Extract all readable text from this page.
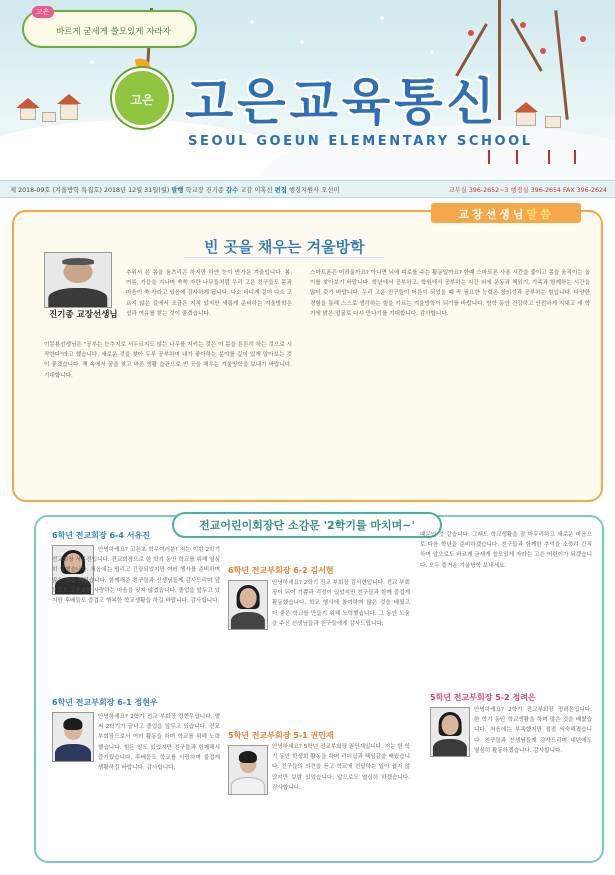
고은
바르게 굳세게 쓸모있게 자라자
고은 고은교육통신
SEOUL GOEUN ELEMENTARY SCHOOL
제 2018-09호 (겨울방학 특집호) 2018년 12월 31일(월) 발행 학교장 진기종 감수 교감 이혹선 편집 행정지원사 오선미	교무실 396-2652~3 행정실 396-2654 FAX 396-2624
교장선생님말씀
빈 곳을 채우는 겨울방학
진기종 교장선생님
추위서 온 몸을 움츠리곤 하지만 하얀 눈이 반가운 겨울입니다. 봄, 여름, 가을을 지나며 쑥쑥 자란 나무들처럼 우리 고은 친구들도 몸과 마음이 쑥 자라고 있음에 감사하게 됩니다. 다소 더디게 걸어 다소 고르지 않은 길에서 조금은 지쳐 있지만 새롭게 준비하는 겨울방학은 쉼과 여유를 찾는 것이 좋겠습니다.
이몽룡선생님은 "공부는 눈추지로 서두르지도 않는 나무를 지키는 것은 이 몸을 튼튼히 하는 것으로 시작한다"라고 했습니다. 새로운 것을 찾아 두루 공부하며 내가 좋아하는 분야를 깊이 있게 알아보는 것이 좋겠습니다. 책 속에서 꿈을 찾고 바른 생활 습관으로 빈 곳을 채우는 겨울방학을 보내기 바랍니다. 기대합니다.
스마트폰은 어려울까요? 아니면 뇌에 피로를 주는 활동일까요? 한때 스마트폰 사용 시간을 줄이고 몸을 움직이는 놀이를 찾아보기 바랍니다. 학년에서 공부하고, 학원에서 공부하는 시간 외에 운동과 책읽기, 가족과 함께하는 시간을 많이 갖기 바랍니다. 우리 고은 친구들이 어른이 되었을 때 꼭 필요한 능력은 창의성과 공부하는 힘입니다. 다양한 경험을 통해 스스로 생각하는 힘을 기르는 겨울방학이 되기를 바랍니다. 방학 동안 건강하고 안전하게 지내고 새 학기에 밝은 얼굴로 다시 만나기를 기대합니다. 감사합니다.
전교어린이회장단 소감문 '2학기를 마치며~'
6학년 전교회장 6-4 서유진
안녕하세요? 고은초 학우여러분! 저는 이번 2학기 전교회장 서유진입니다. 전교회장으로 한 학기 동안 학교를 위해 열심히 일했습니다. 처음에는 떨리고 긴장되었지만 여러 행사를 준비하며 많은 것을 배웠습니다. 함께해준 친구들과 선생님들께 감사드리며 앞으로도 고은초를 사랑하는 마음을 잊지 않겠습니다. 졸업을 앞두고 있지만 후배들도 즐겁고 행복한 학교생활을 하길 바랍니다. 감사합니다.
6학년 전교부회장 6-1 정현우
안녕하세요? 2학기 전교 부회장 정현우입니다. 벌써 2학기가 끝나고 졸업을 앞두고 있습니다. 전교 부회장으로서 여러 활동을 하며 학교를 위해 노력했습니다. 힘든 일도 있었지만 친구들과 함께해서 즐거웠습니다. 후배들도 학교를 사랑하며 즐겁게 생활하길 바랍니다. 감사합니다.
6학년 전교부회장 6-2 김서현
안녕하세요? 2학기 전교 부회장 김서현입니다. 전교 부회장이 되어 기쁨과 걱정이 있었지만 친구들과 함께 즐겁게 활동했습니다. 학교 행사에 참여하며 많은 것을 배웠고 더 좋은 학교를 만들기 위해 노력했습니다. 그 동안 도움을 주신 선생님들과 친구들에게 감사드립니다.
5학년 전교부회장 5-1 권민재
안녕하세요? 5학년 전교부회장 권민재입니다. 저는 한 학기 동안 학생회 활동을 하며 리더십과 책임감을 배웠습니다. 친구들의 의견을 듣고 학교에 전달하는 일이 쉽지 않았지만 보람 있었습니다. 앞으로도 열심히 하겠습니다. 감사합니다.
때문인 것 같습니다. 그래도 학교생활을 잘 마무리하고 새로운 마음으로 다음 학년을 준비하겠습니다. 친구들과 함께한 추억을 소중히 간직하며 앞으로도 바르게 굳세게 쓸모있게 자라는 고은 어린이가 되겠습니다. 모두 즐거운 겨울방학 보내세요.
5학년 전교부회장 5-2 정려은
안녕하세요? 2학기 전교부회장 정려은입니다. 한 학기 동안 학교생활을 하며 많은 것을 배웠습니다. 처음에는 부족했지만 점점 익숙해졌습니다. 친구들과 선생님들께 감사드리며 내년에도 열심히 활동하겠습니다. 감사합니다.
